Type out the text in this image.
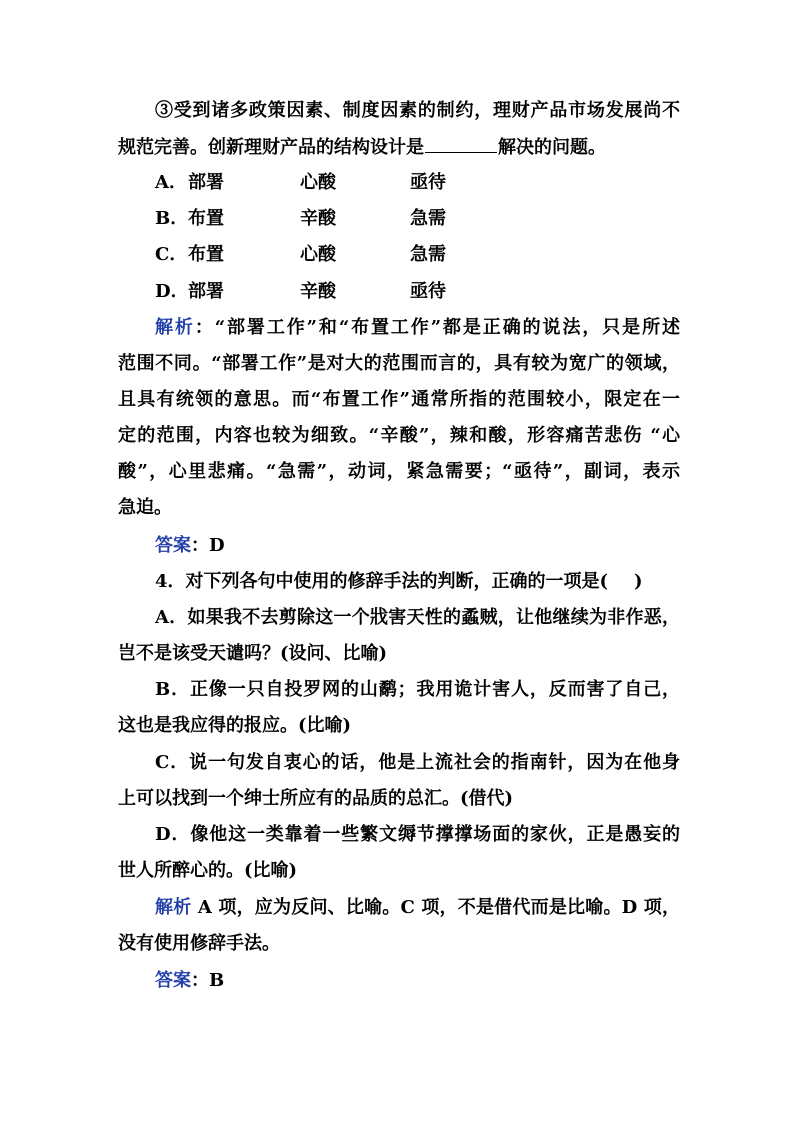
③受到诸多政策因素、制度因素的制约，理财产品市场发展尚不
规范完善。创新理财产品的结构设计是	解决的问题。
A． 部署	心酸	亟待
B． 布置	辛酸	急需
C． 布置	心酸	急需
D． 部署	辛酸	亟待
解析：“部署工作”和“布置工作”都是正确的说法，只是所述
范围不同。“部署工作”是对大的范围而言的，具有较为宽广的领域，
且具有统领的意思。而“布置工作”通常所指的范围较小，限定在一
定的范围，内容也较为细致。“辛酸”，辣和酸，形容痛苦悲伤 “心
酸”，心里悲痛。“急需”，动词，紧急需要；“亟待”，副词，表示
急迫。
答案：D
4．对下列各句中使用的修辞手法的判断，正确的一项是( )
A．如果我不去剪除这一个戕害天性的蟊贼，让他继续为非作恶，
岂不是该受天谴吗？(设问、比喻)
B．正像一只自投罗网的山鹬；我用诡计害人，反而害了自己，
这也是我应得的报应。(比喻)
C．说一句发自衷心的话，他是上流社会的指南针，因为在他身
上可以找到一个绅士所应有的品质的总汇。(借代)
D．像他这一类靠着一些繁文缛节撑撑场面的家伙，正是愚妄的
世人所醉心的。(比喻)
解析 A 项，应为反问、比喻。C 项，不是借代而是比喻。D 项，
没有使用修辞手法。
答案：B
